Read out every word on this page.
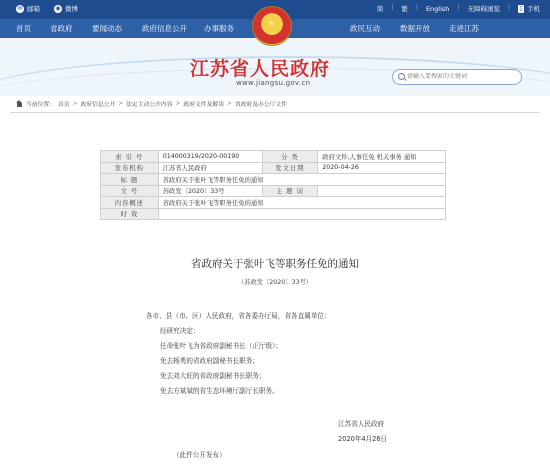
✉ 邮箱	◉ 微博	简 | 繁 | English | 无障碍浏览 | ▯ 手机
首页	省政府	要闻动态	政府信息公开 办事服务	政民互动	数据开放	走进江苏
★
江苏省人民政府
www.jiangsu.gov.cn
请输入要搜索的关键词
当前位置： 首页 > 政府信息公开 > 法定主动公开内容 > 政府文件及解读 > 省政府及办公厅文件
索 引 号	014000319/2020-00190	分 类	政府文件,人事任免 机关事务 通知
发布机构	江苏省人民政府	发文日期	2020-04-26
标 题	省政府关于张叶飞等职务任免的通知		
文 号	苏政发〔2020〕33号	主 题 词	
内容概述	省政府关于张叶飞等职务任免的通知		
时 效			
省政府关于张叶飞等职务任免的通知
（苏政发〔2020〕33号）
各市、县（市、区）人民政府，省各委办厅局，省各直属单位：
经研究决定：
任命张叶飞为省政府副秘书长（正厅级）；
免去杨勇的省政府副秘书长职务；
免去刘大旺的省政府副秘书长职务；
免去方斌斌的省生态环境厅副厅长职务。
江苏省人民政府
2020年4月26日
（此件公开发布）
